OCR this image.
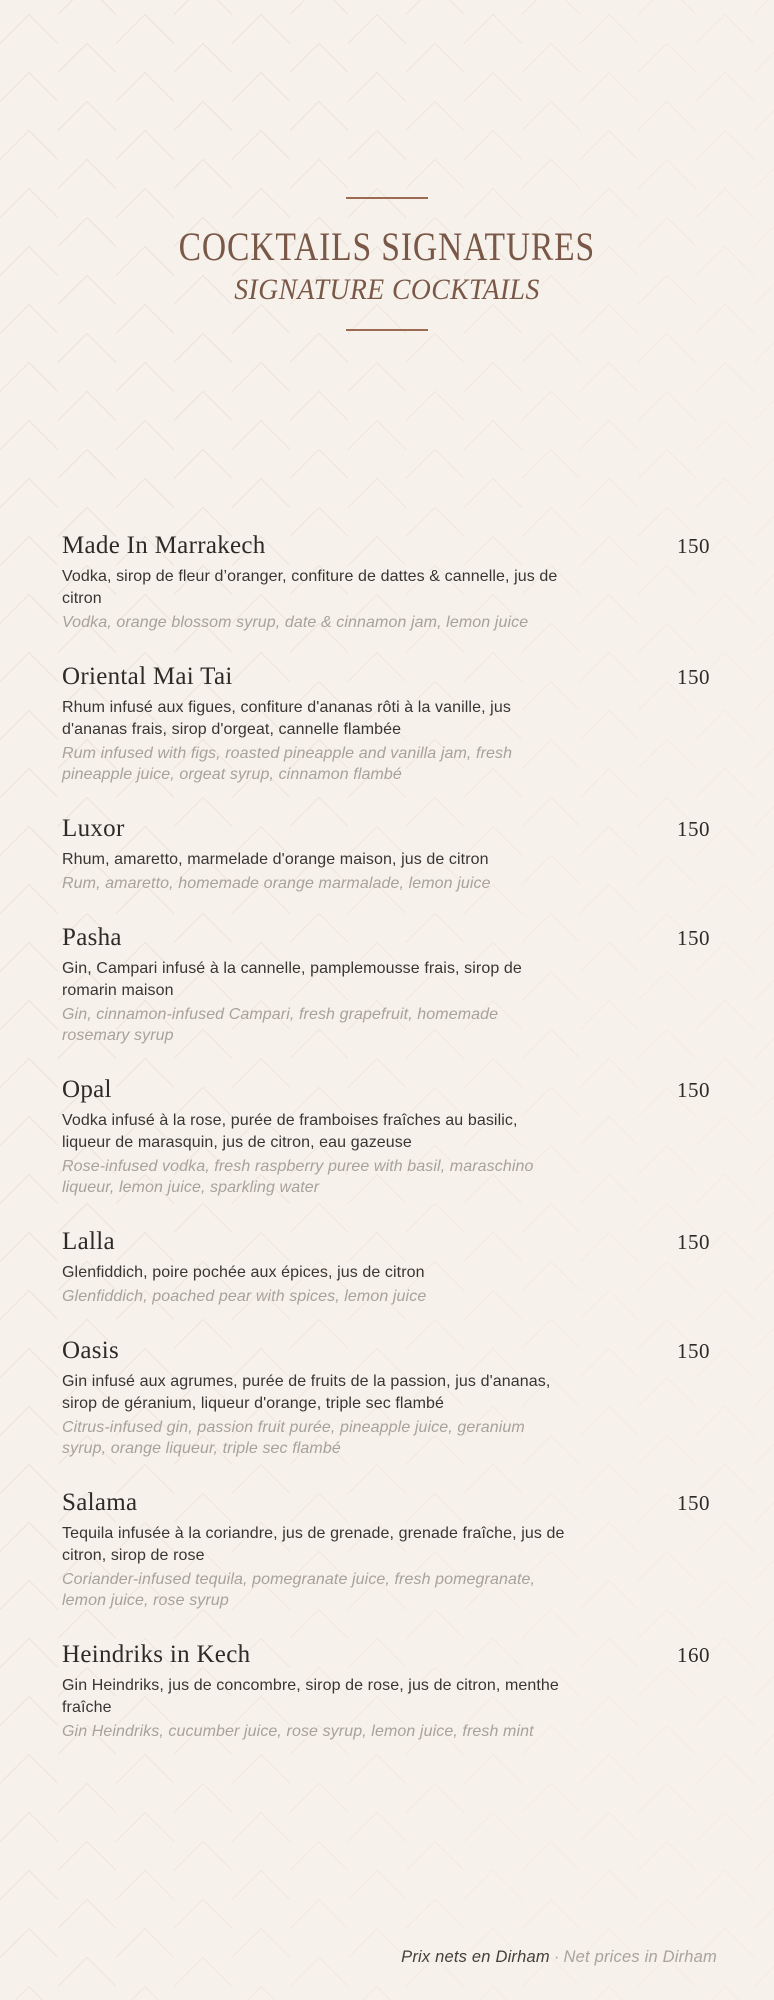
COCKTAILS SIGNATURES
SIGNATURE COCKTAILS
Made In Marrakech	150

Vodka, sirop de fleur d’oranger, confiture de dattes & cannelle, jus de citron

Vodka, orange blossom syrup, date & cinnamon jam, lemon juice

Oriental Mai Tai	150

Rhum infusé aux figues, confiture d'ananas rôti à la vanille, jus d'ananas frais, sirop d'orgeat, cannelle flambée

Rum infused with figs, roasted pineapple and vanilla jam, fresh pineapple juice, orgeat syrup, cinnamon flambé

Luxor	150

Rhum, amaretto, marmelade d'orange maison, jus de citron

Rum, amaretto, homemade orange marmalade, lemon juice

Pasha	150

Gin, Campari infusé à la cannelle, pamplemousse frais, sirop de romarin maison

Gin, cinnamon-infused Campari, fresh grapefruit, homemade rosemary syrup

Opal	150

Vodka infusé à la rose, purée de framboises fraîches au basilic, liqueur de marasquin, jus de citron, eau gazeuse

Rose-infused vodka, fresh raspberry puree with basil, maraschino liqueur, lemon juice, sparkling water

Lalla	150

Glenfiddich, poire pochée aux épices, jus de citron

Glenfiddich, poached pear with spices, lemon juice

Oasis	150

Gin infusé aux agrumes, purée de fruits de la passion, jus d'ananas, sirop de géranium, liqueur d'orange, triple sec flambé

Citrus-infused gin, passion fruit purée, pineapple juice, geranium syrup, orange liqueur, triple sec flambé

Salama	150

Tequila infusée à la coriandre, jus de grenade, grenade fraîche, jus de citron, sirop de rose

Coriander-infused tequila, pomegranate juice, fresh pomegranate, lemon juice, rose syrup

Heindriks in Kech	160

Gin Heindriks, jus de concombre, sirop de rose, jus de citron, menthe fraîche

Gin Heindriks, cucumber juice, rose syrup, lemon juice, fresh mint

Prix nets en Dirham · Net prices in Dirham
